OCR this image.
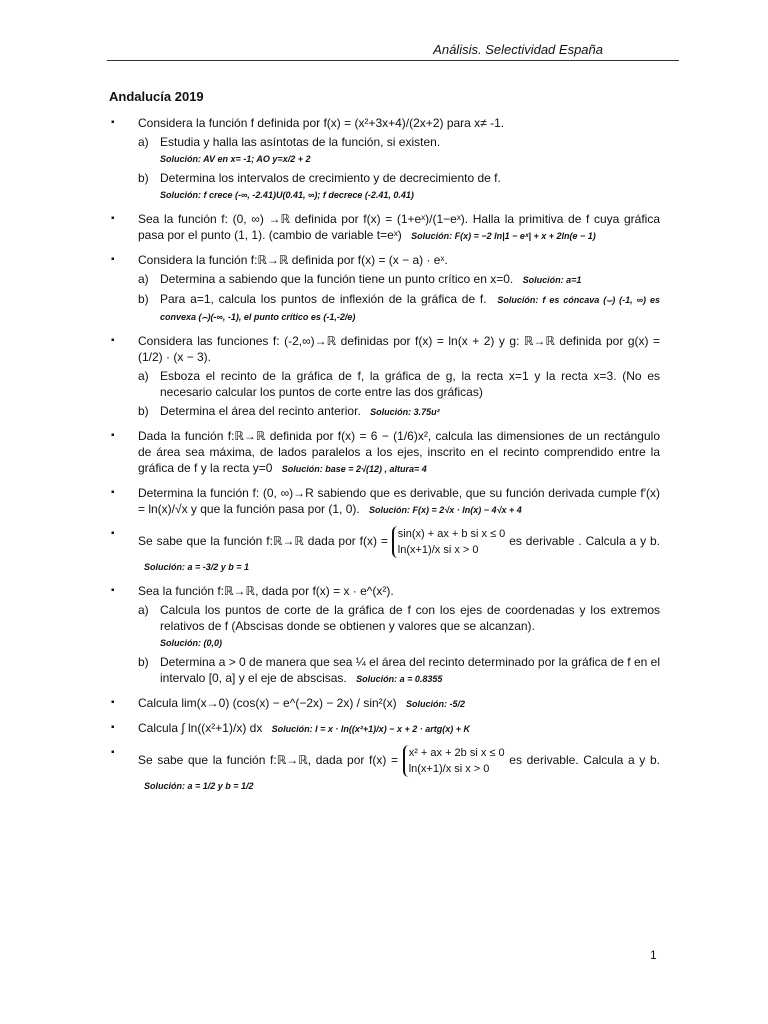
Análisis. Selectividad España
Andalucía 2019
▪ Considera la función f definida por f(x) = (x²+3x+4)/(2x+2) para x≠ -1.
a) Estudia y halla las asíntotas de la función, si existen.
Solución: AV en x= -1; AO y=x/2 + 2
b) Determina los intervalos de crecimiento y de decrecimiento de f.
Solución: f crece (-∞, -2.41)U(0.41, ∞); f decrece (-2.41, 0.41)
▪ Sea la función f: (0, ∞) →ℝ definida por f(x) = (1+eˣ)/(1−eˣ). Halla la primitiva de f cuya gráfica pasa por el punto (1, 1). (cambio de variable t=eˣ) Solución: F(x) = −2 ln|1 − eˣ| + x + 2ln(e − 1)
▪ Considera la función f:ℝ→ℝ definida por f(x) = (x − a) · eˣ.
a) Determina a sabiendo que la función tiene un punto crítico en x=0. Solución: a=1
b) Para a=1, calcula los puntos de inflexión de la gráfica de f. Solución: f es cóncava (⌣) (-1, ∞) es convexa (⌢)(-∞, -1), el punto crítico es (-1,-2/e)
▪ Considera las funciones f: (-2,∞)→ℝ definidas por f(x) = ln(x + 2) y g: ℝ→ℝ definida por g(x) = (1/2) · (x − 3).
a) Esboza el recinto de la gráfica de f, la gráfica de g, la recta x=1 y la recta x=3. (No es necesario calcular los puntos de corte entre las dos gráficas)
b) Determina el área del recinto anterior. Solución: 3.75u²
▪ Dada la función f:ℝ→ℝ definida por f(x) = 6 − (1/6)x², calcula las dimensiones de un rectángulo de área sea máxima, de lados paralelos a los ejes, inscrito en el recinto comprendido entre la gráfica de f y la recta y=0 Solución: base = 2√(12) , altura= 4
▪ Determina la función f: (0, ∞)→R sabiendo que es derivable, que su función derivada cumple f′(x) = ln(x)/√x y que la función pasa por (1, 0). Solución: F(x) = 2√x · ln(x) − 4√x + 4
▪ Se sabe que la función f:ℝ→ℝ dada por f(x) =
sin(x) + ax + b si x ≤ 0
ln(x+1)/x si x > 0
es derivable . Calcula a y b. Solución: a = -3/2 y b = 1
▪ Sea la función f:ℝ→ℝ, dada por f(x) = x · e^(x²).
a) Calcula los puntos de corte de la gráfica de f con los ejes de coordenadas y los extremos relativos de f (Abscisas donde se obtienen y valores que se alcanzan).
Solución: (0,0)
b) Determina a > 0 de manera que sea ¼ el área del recinto determinado por la gráfica de f en el intervalo [0, a] y el eje de abscisas. Solución: a = 0.8355
▪ Calcula lim(x→0) (cos(x) − e^(−2x) − 2x) / sin²(x) Solución: -5/2
▪ Calcula ∫ ln((x²+1)/x) dx Solución: I = x · ln((x²+1)/x) − x + 2 · artg(x) + K
▪ Se sabe que la función f:ℝ→ℝ, dada por f(x) =
x² + ax + 2b si x ≤ 0
ln(x+1)/x si x > 0
es derivable. Calcula a y b. Solución: a = 1/2 y b = 1/2
1
